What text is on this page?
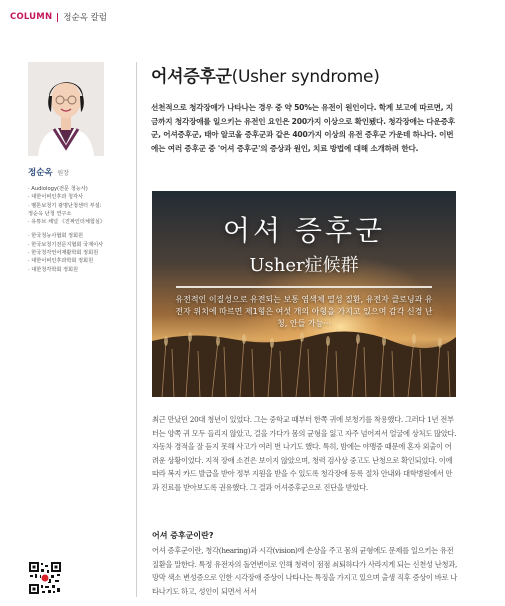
COLUMN 정순옥 칼럼
정순옥 원장
· Audiology(전문 청능사)
· 대한이비인후과 청각사
· 벨톤보청기 광명난청센터 부설:
정순옥 난청 연구소
· 유튜브 채널 《진짜인더체험실》
· 한국청능사협회 정회원
· 한국보청기전문지협회 국제이사
· 한국청각언어재활학회 정회원
· 대한이비인후과학회 정회원
· 대한청각학회 정회원
어셔증후군(Usher syndrome)

선천적으로 청각장애가 나타나는 경우 중 약 50%는 유전이 원인이다. 학계 보고에 따르면, 지금까지 청각장애를 일으키는 유전인 요인은 200가지 이상으로 확인됐다. 청각장애는 다운증후군, 어셔증후군, 태아 알코올 증후군과 같은 400가지 이상의 유전 증후군 가운데 하나다. 이번에는 여러 증후군 중 '어셔 증후군'의 증상과 원인, 치료 방법에 대해 소개하려 한다.

어셔 증후군
Usher症候群
유전적인 이질성으로 유전되는 보통 염색체 열성 질환, 유전자 클로닝과 유전자 위치에 따르면 제1형은 여섯 개의 아형을 가지고 있으며 감각 신경 난청, 안들 가능···

최근 만났던 20대 청년이 있었다. 그는 중학교 때부터 한쪽 귀에 보청기를 착용했다. 그러다 1년 전부터는 양쪽 귀 모두 들리지 않았고, 걸을 가다가 몸의 균형을 잃고 자주 넘어져서 얼굴에 상처도 많았다. 자동차 경적을 잘 듣지 못해 사고가 여러 번 나기도 했다. 특히, 밤에는 야맹증 때문에 혼자 외출이 어려운 상황이었다. 지적 장애 소견은 보이지 않았으며, 청력 검사상 중고도 난청으로 확인되었다. 이에 따라 복지 카드 발급을 받아 정부 지원을 받을 수 있도록 청각장애 등록 절차 안내와 대학병원에서 안과 진료를 받아보도록 권유했다. 그 결과 어셔증후군으로 진단을 받았다.

어셔 증후군이란?

어셔 증후군이란, 청각(hearing)과 시각(vision)에 손상을 주고 몸의 균형에도 문제를 일으키는 유전 질환을 말한다. 특정 유전자의 돌연변이로 인해 청력이 점점 쇠퇴하다가 사라지게 되는 신천성 난청과, 망막 색소 변성증으로 인한 시각장애 증상이 나타나는 특징을 가지고 있으며 출생 직후 증상이 바로 나타나기도 하고, 성인이 되면서 서서
